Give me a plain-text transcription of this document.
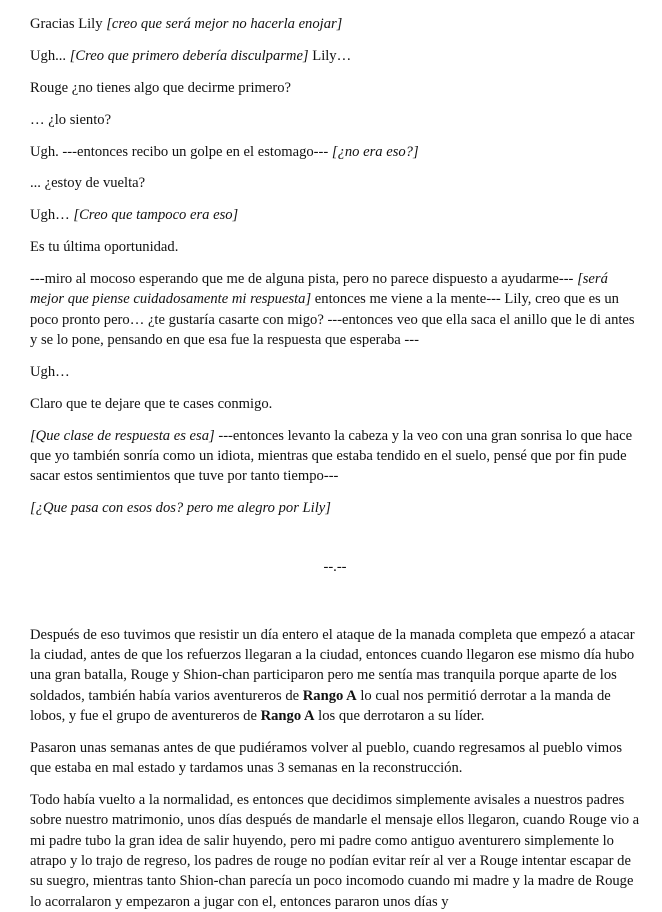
Gracias Lily [creo que será mejor no hacerla enojar]

Ugh... [Creo que primero debería disculparme] Lily…

Rouge ¿no tienes algo que decirme primero?

… ¿lo siento?

Ugh. ---entonces recibo un golpe en el estomago--- [¿no era eso?]

... ¿estoy de vuelta?

Ugh… [Creo que tampoco era eso]

Es tu última oportunidad.

---miro al mocoso esperando que me de alguna pista, pero no parece dispuesto a ayudarme--- [será mejor que piense cuidadosamente mi respuesta] entonces me viene a la mente--- Lily, creo que es un poco pronto pero… ¿te gustaría casarte con migo? ---entonces veo que ella saca el anillo que le di antes y se lo pone, pensando en que esa fue la respuesta que esperaba ---

Ugh…

Claro que te dejare que te cases conmigo.

[Que clase de respuesta es esa] ---entonces levanto la cabeza y la veo con una gran sonrisa lo que hace que yo también sonría como un idiota, mientras que estaba tendido en el suelo, pensé que por fin pude sacar estos sentimientos que tuve por tanto tiempo---

[¿Que pasa con esos dos? pero me alegro por Lily]

--.--

Después de eso tuvimos que resistir un día entero el ataque de la manada completa que empezó a atacar la ciudad, antes de que los refuerzos llegaran a la ciudad, entonces cuando llegaron ese mismo día hubo una gran batalla, Rouge y Shion-chan participaron pero me sentía mas tranquila porque aparte de los soldados, también había varios aventureros de Rango A lo cual nos permitió derrotar a la manda de lobos, y fue el grupo de aventureros de Rango A los que derrotaron a su líder.

Pasaron unas semanas antes de que pudiéramos volver al pueblo, cuando regresamos al pueblo vimos que estaba en mal estado y tardamos unas 3 semanas en la reconstrucción.

Todo había vuelto a la normalidad, es entonces que decidimos simplemente avisales a nuestros padres sobre nuestro matrimonio, unos días después de mandarle el mensaje ellos llegaron, cuando Rouge vio a mi padre tubo la gran idea de salir huyendo, pero mi padre como antiguo aventurero simplemente lo atrapo y lo trajo de regreso, los padres de rouge no podían evitar reír al ver a Rouge intentar escapar de su suegro, mientras tanto Shion-chan parecía un poco incomodo cuando mi madre y la madre de Rouge lo acorralaron y empezaron a jugar con el, entonces pararon unos días y
